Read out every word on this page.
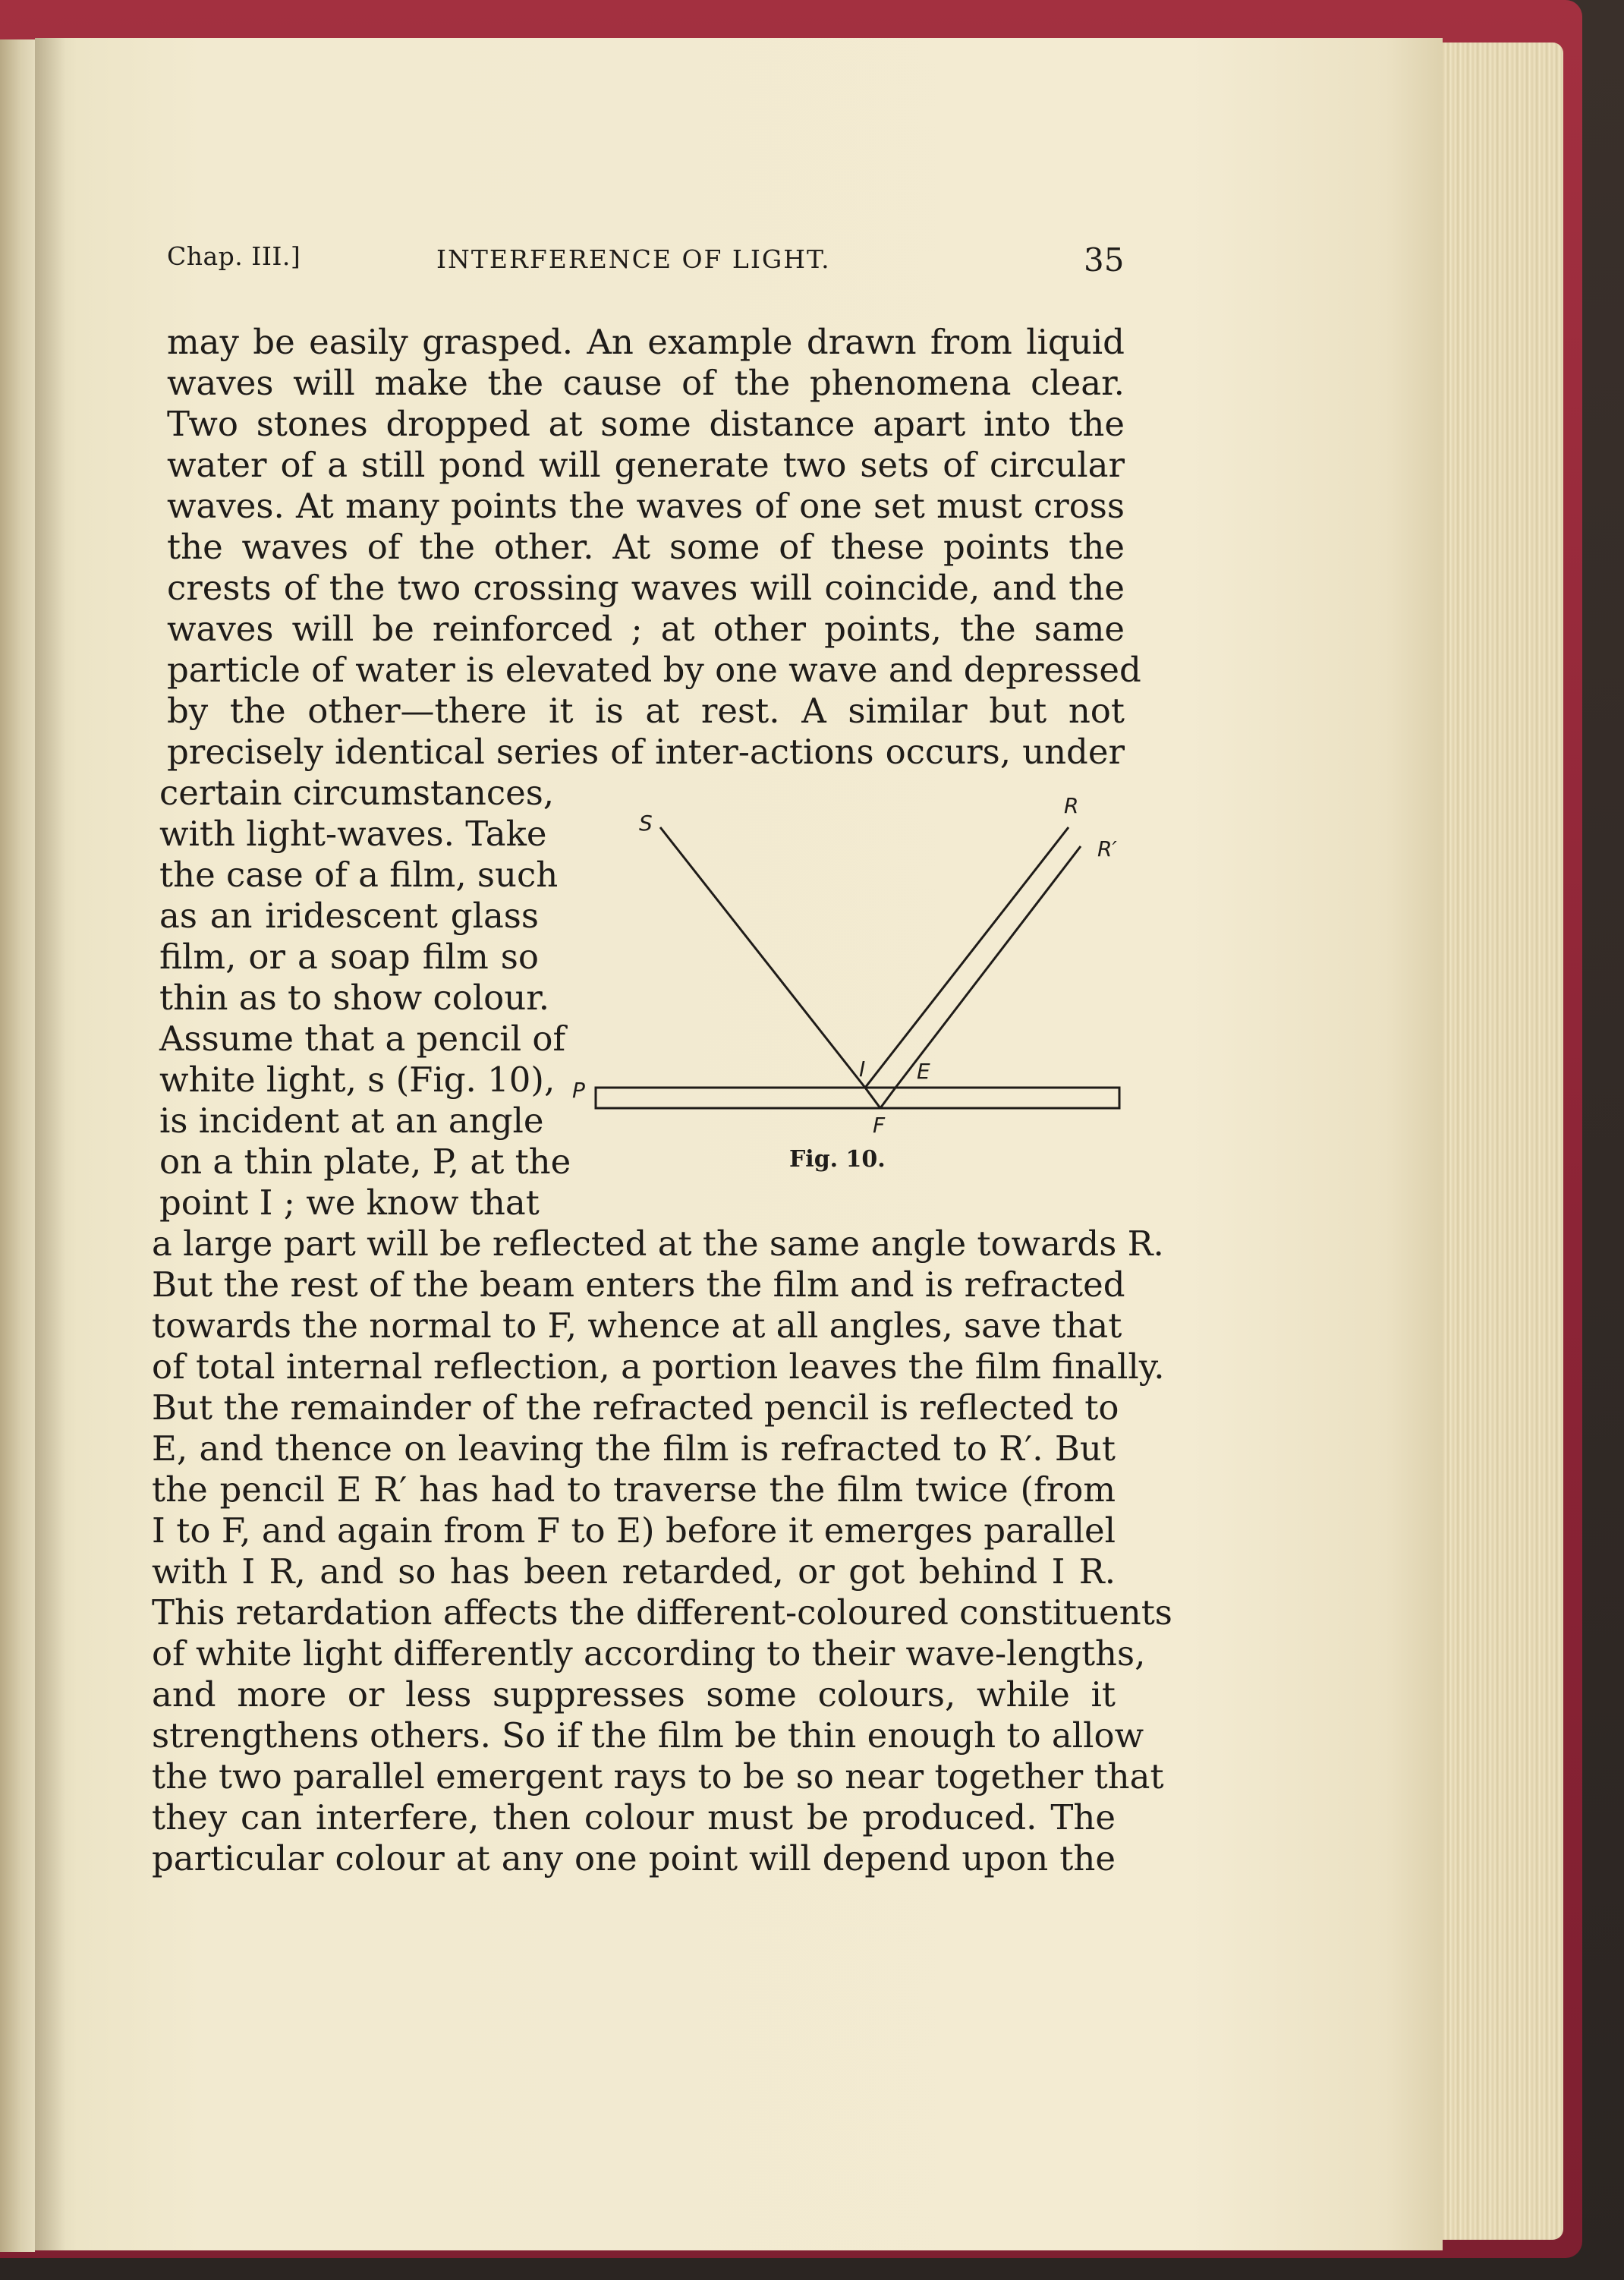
Chap. III.]	INTERFERENCE OF LIGHT.	35
may be easily grasped. An example drawn from liquid
waves will make the cause of the phenomena clear.
Two stones dropped at some distance apart into the
water of a still pond will generate two sets of circular
waves. At many points the waves of one set must cross
the waves of the other. At some of these points the
crests of the two crossing waves will coincide, and the
waves will be reinforced ; at other points, the same
particle of water is elevated by one wave and depressed
by the other—there it is at rest. A similar but not
precisely identical series of inter-actions occurs, under
certain circumstances,
with light-waves. Take
the case of a film, such
as an iridescent glass
film, or a soap film so
thin as to show colour.
Assume that a pencil of
white light, s (Fig. 10),
is incident at an angle
on a thin plate, P, at the
point I ; we know that
a large part will be reflected at the same angle towards R.
But the rest of the beam enters the film and is refracted
towards the normal to F, whence at all angles, save that
of total internal reflection, a portion leaves the film finally.
But the remainder of the refracted pencil is reflected to
E, and thence on leaving the film is refracted to R′. But
the pencil E R′ has had to traverse the film twice (from
I to F, and again from F to E) before it emerges parallel
with I R, and so has been retarded, or got behind I R.
This retardation affects the different-coloured constituents
of white light differently according to their wave-lengths,
and more or less suppresses some colours, while it
strengthens others. So if the film be thin enough to allow
the two parallel emergent rays to be so near together that
they can interfere, then colour must be produced. The
particular colour at any one point will depend upon the
S
R
R′
P
I E
F
Fig. 10.
